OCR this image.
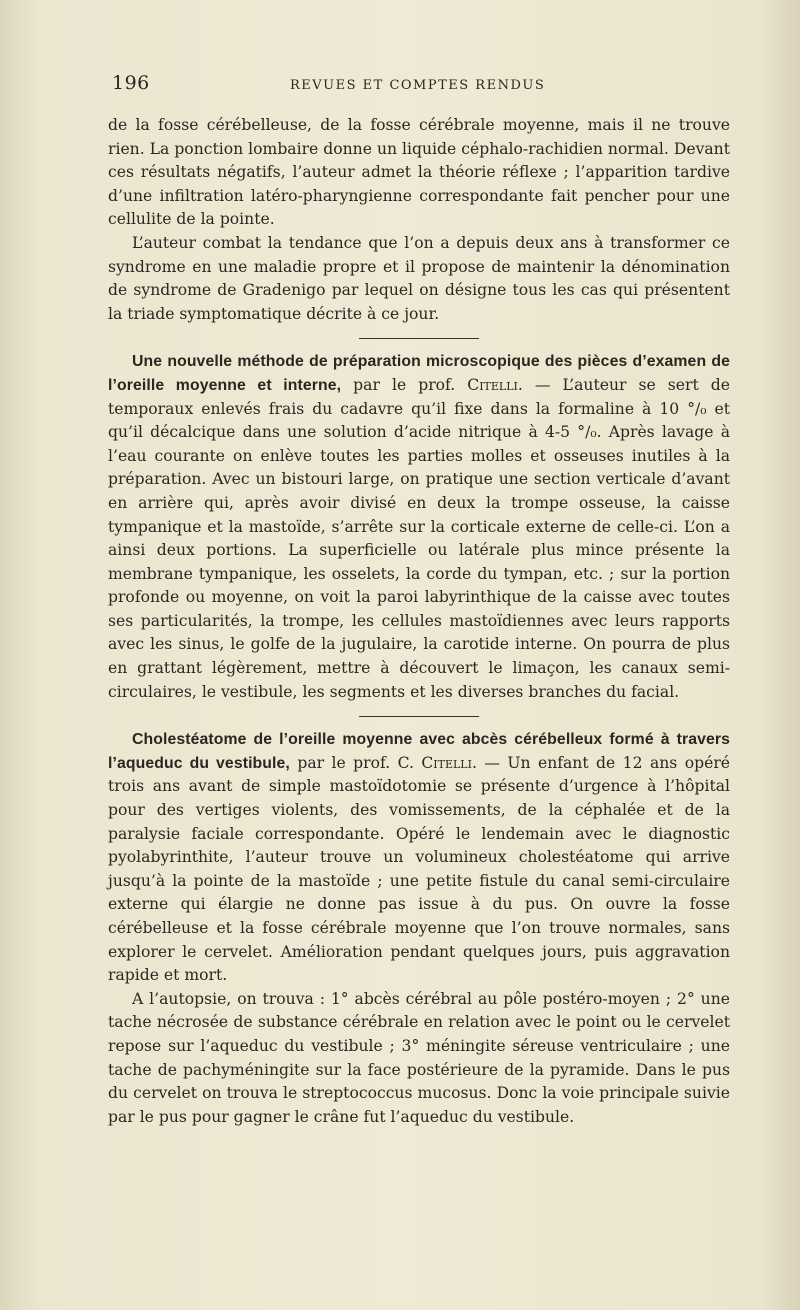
196	REVUES ET COMPTES RENDUS

de la fosse cérébelleuse, de la fosse cérébrale moyenne, mais il ne trouve rien. La ponction lombaire donne un liquide céphalo-rachidien normal. Devant ces résultats négatifs, l’auteur admet la théorie réflexe ; l’apparition tardive d’une infiltration latéro-pharyngienne correspondante fait pencher pour une cellulite de la pointe.

L’auteur combat la tendance que l’on a depuis deux ans à transformer ce syndrome en une maladie propre et il propose de maintenir la dénomination de syndrome de Gradenigo par lequel on désigne tous les cas qui présentent la triade symptomatique décrite à ce jour.

Une nouvelle méthode de préparation microscopique des pièces d’examen de l’oreille moyenne et interne, par le prof. Citelli. — L’auteur se sert de temporaux enlevés frais du cadavre qu’il fixe dans la formaline à 10 °/₀ et qu’il décalcique dans une solution d’acide nitrique à 4-5 °/₀. Après lavage à l’eau courante on enlève toutes les parties molles et osseuses inutiles à la préparation. Avec un bistouri large, on pratique une section verticale d’avant en arrière qui, après avoir divisé en deux la trompe osseuse, la caisse tympanique et la mastoïde, s’arrête sur la corticale externe de celle-ci. L’on a ainsi deux portions. La superficielle ou latérale plus mince présente la membrane tympanique, les osselets, la corde du tympan, etc. ; sur la portion profonde ou moyenne, on voit la paroi labyrinthique de la caisse avec toutes ses particularités, la trompe, les cellules mastoïdiennes avec leurs rapports avec les sinus, le golfe de la jugulaire, la carotide interne. On pourra de plus en grattant légèrement, mettre à découvert le limaçon, les canaux semi-circulaires, le vestibule, les segments et les diverses branches du facial.

Cholestéatome de l’oreille moyenne avec abcès cérébelleux formé à travers l’aqueduc du vestibule, par le prof. C. Citelli. — Un enfant de 12 ans opéré trois ans avant de simple mastoïdotomie se présente d’urgence à l’hôpital pour des vertiges violents, des vomissements, de la céphalée et de la paralysie faciale correspondante. Opéré le lendemain avec le diagnostic pyolabyrinthite, l’auteur trouve un volumineux cholestéatome qui arrive jusqu’à la pointe de la mastoïde ; une petite fistule du canal semi-circulaire externe qui élargie ne donne pas issue à du pus. On ouvre la fosse cérébelleuse et la fosse cérébrale moyenne que l’on trouve normales, sans explorer le cervelet. Amélioration pendant quelques jours, puis aggravation rapide et mort.

A l’autopsie, on trouva : 1° abcès cérébral au pôle postéro-moyen ; 2° une tache nécrosée de substance cérébrale en relation avec le point ou le cervelet repose sur l’aqueduc du vestibule ; 3° méningite séreuse ventriculaire ; une tache de pachyméningite sur la face postérieure de la pyramide. Dans le pus du cervelet on trouva le streptococcus mucosus. Donc la voie principale suivie par le pus pour gagner le crâne fut l’aqueduc du vestibule.
